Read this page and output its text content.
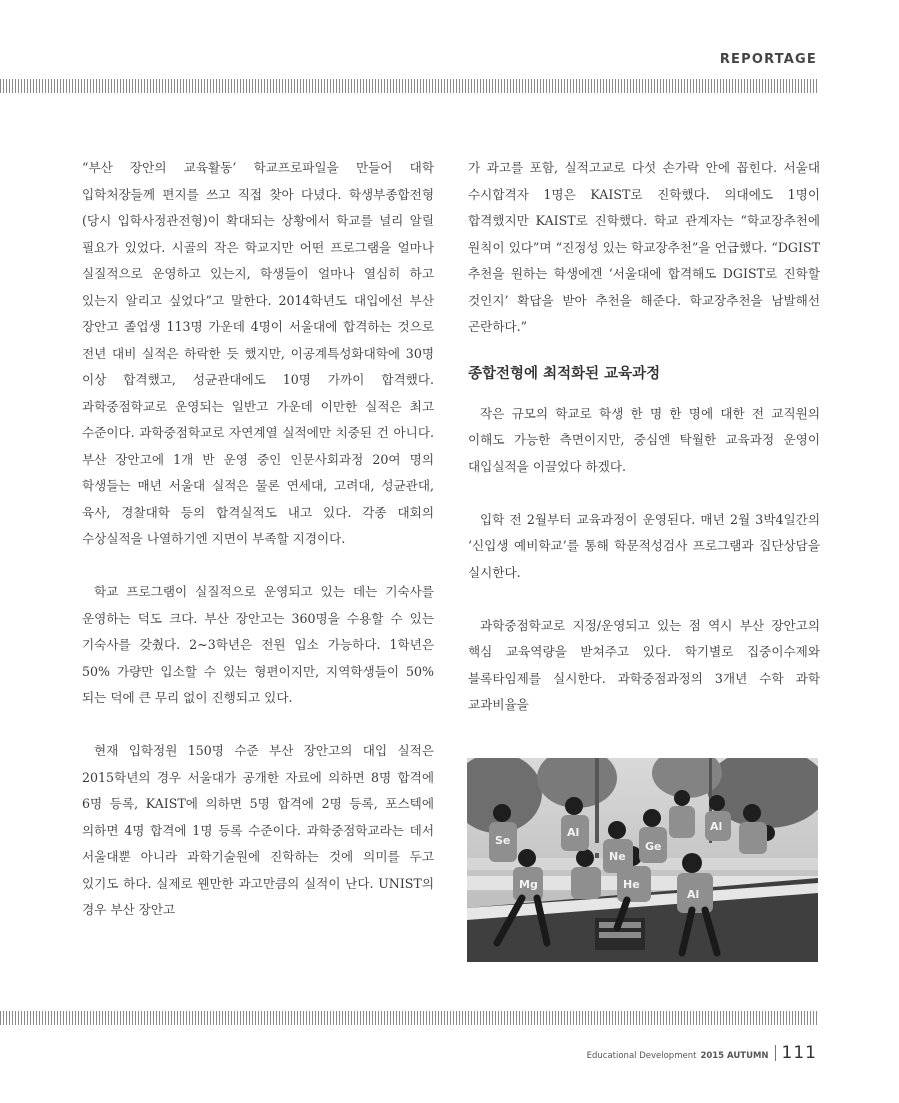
REPORTAGE

“부산 장안의 교육활동’ 학교프로파일을 만들어 대학 입학처장들께 편지를 쓰고 직접 찾아 다녔다. 학생부종합전형(당시 입학사정관전형)이 확대되는 상황에서 학교를 널리 알릴 필요가 있었다. 시골의 작은 학교지만 어떤 프로그램을 얼마나 실질적으로 운영하고 있는지, 학생들이 얼마나 열심히 하고 있는지 알리고 싶었다”고 말한다. 2014학년도 대입에선 부산 장안고 졸업생 113명 가운데 4명이 서울대에 합격하는 것으로 전년 대비 실적은 하락한 듯 했지만, 이공계특성화대학에 30명 이상 합격했고, 성균관대에도 10명 가까이 합격했다. 과학중점학교로 운영되는 일반고 가운데 이만한 실적은 최고 수준이다. 과학중점학교로 자연계열 실적에만 치중된 건 아니다. 부산 장안고에 1개 반 운영 중인 인문사회과정 20여 명의 학생들는 매년 서울대 실적은 물론 연세대, 고려대, 성균관대, 육사, 경찰대학 등의 합격실적도 내고 있다. 각종 대회의 수상실적을 나열하기엔 지면이 부족할 지경이다.

학교 프로그램이 실질적으로 운영되고 있는 데는 기숙사를 운영하는 덕도 크다. 부산 장안고는 360명을 수용할 수 있는 기숙사를 갖췄다. 2~3학년은 전원 입소 가능하다. 1학년은 50% 가량만 입소할 수 있는 형편이지만, 지역학생들이 50%되는 덕에 큰 무리 없이 진행되고 있다.

현재 입학정원 150명 수준 부산 장안고의 대입 실적은 2015학년의 경우 서울대가 공개한 자료에 의하면 8명 합격에 6명 등록, KAIST에 의하면 5명 합격에 2명 등록, 포스텍에 의하면 4명 합격에 1명 등록 수준이다. 과학중점학교라는 데서 서울대뿐 아니라 과학기술원에 진학하는 것에 의미를 두고 있기도 하다. 실제로 웬만한 과고만큼의 실적이 난다. UNIST의 경우 부산 장안고

가 과고를 포함, 실적고교로 다섯 손가락 안에 꼽힌다. 서울대 수시합격자 1명은 KAIST로 진학했다. 의대에도 1명이 합격했지만 KAIST로 진학했다. 학교 관계자는 “학교장추천에 원칙이 있다”며 “진정성 있는 학교장추천”을 언급했다. “DGIST 추천을 원하는 학생에겐 ‘서울대에 합격해도 DGIST로 진학할 것인지’ 확답을 받아 추천을 해준다. 학교장추천을 남발해선 곤란하다.”

종합전형에 최적화된 교육과정

작은 규모의 학교로 학생 한 명 한 명에 대한 전 교직원의 이해도 가능한 측면이지만, 중심엔 탁월한 교육과정 운영이 대입실적을 이끌었다 하겠다.

입학 전 2월부터 교육과정이 운영된다. 매년 2월 3박4일간의 ‘신입생 예비학교’를 통해 학문적성검사 프로그램과 집단상담을 실시한다.

과학중점학교로 지정/운영되고 있는 점 역시 부산 장안고의 핵심 교육역량을 받쳐주고 있다. 학기별로 집중이수제와 블록타임제를 실시한다. 과학중점과정의 3개년 수학 과학 교과비율을

Se
Al
Mg	He
Ge
Al
Ne
Al
Educational Development 2015 AUTUMN 111
